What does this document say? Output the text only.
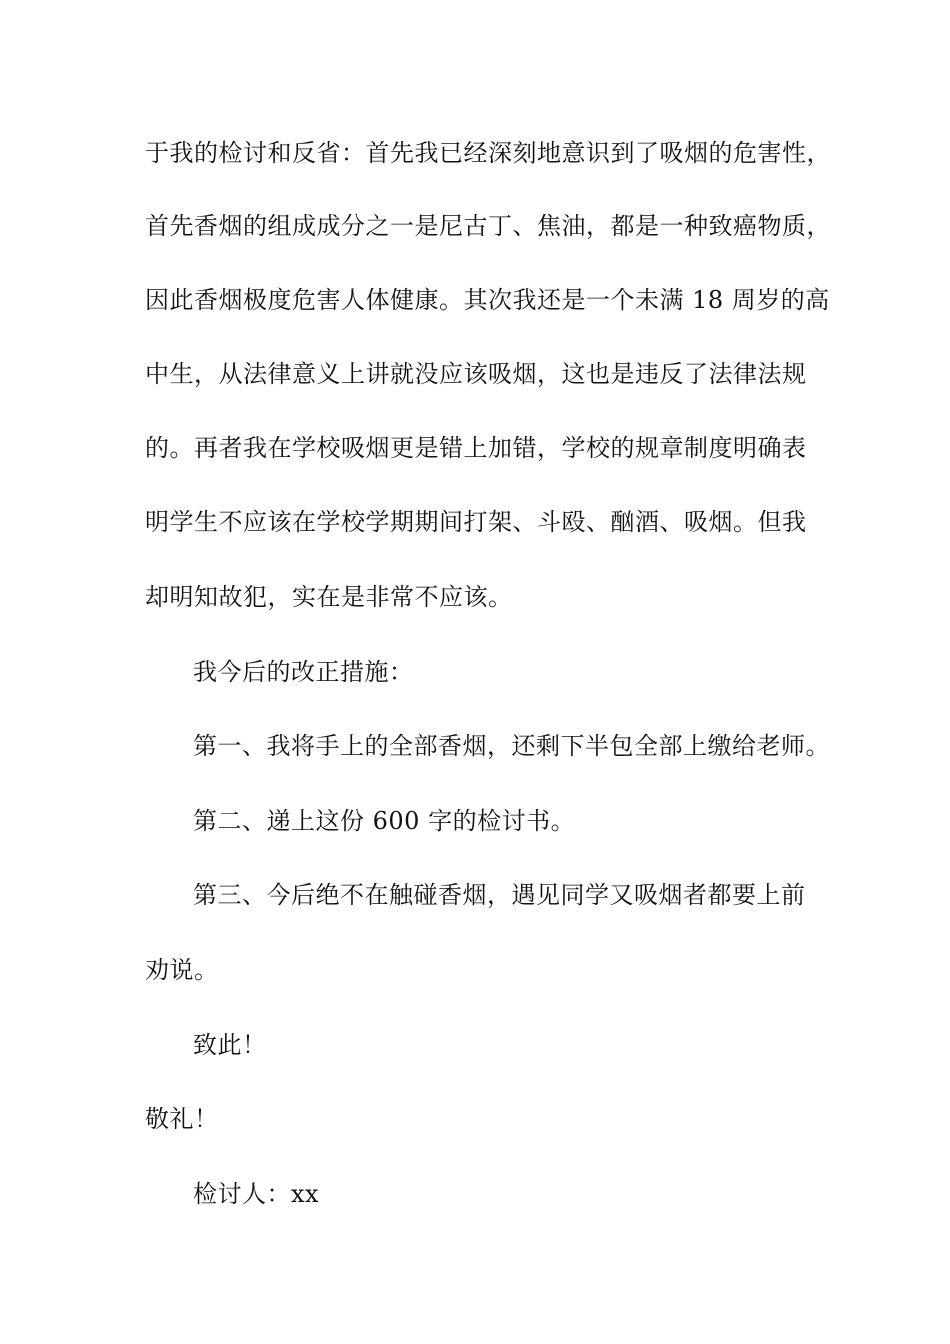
于我的检讨和反省：首先我已经深刻地意识到了吸烟的危害性，
首先香烟的组成成分之一是尼古丁、焦油，都是一种致癌物质，
因此香烟极度危害人体健康。其次我还是一个未满 18 周岁的高
中生，从法律意义上讲就没应该吸烟，这也是违反了法律法规
的。再者我在学校吸烟更是错上加错，学校的规章制度明确表
明学生不应该在学校学期期间打架、斗殴、酗酒、吸烟。但我
却明知故犯，实在是非常不应该。
我今后的改正措施：
第一、我将手上的全部香烟，还剩下半包全部上缴给老师。
第二、递上这份 600 字的检讨书。
第三、今后绝不在触碰香烟，遇见同学又吸烟者都要上前
劝说。
致此！
敬礼！
检讨人：xx
